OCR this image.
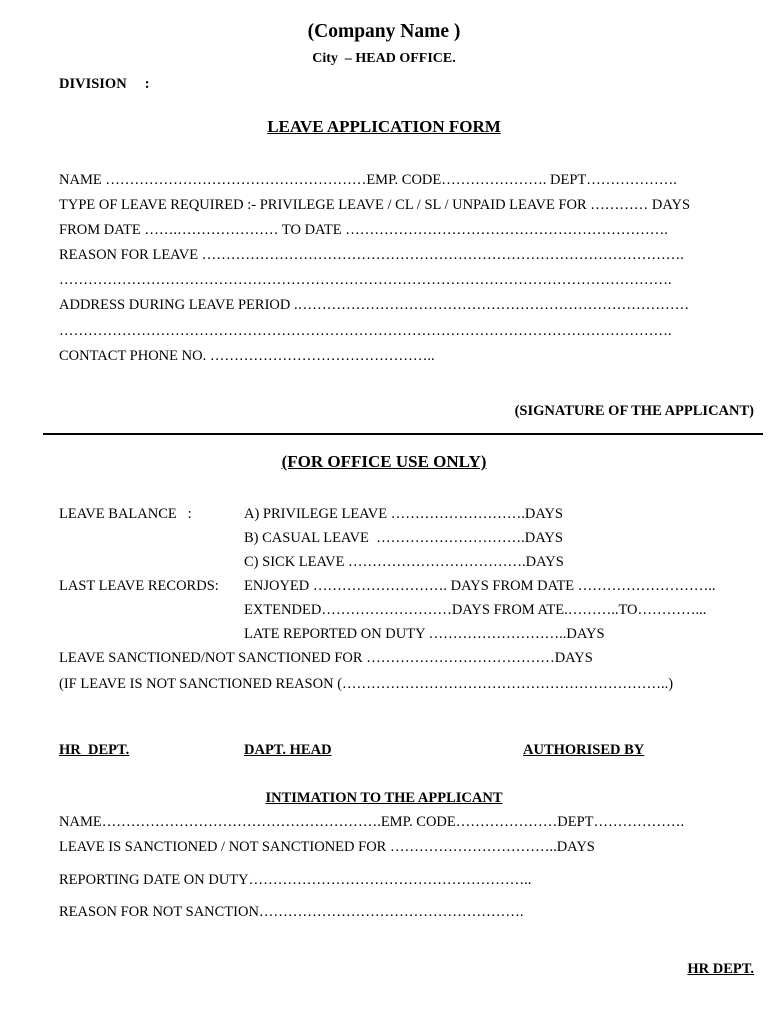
(Company Name )
City  – HEAD OFFICE.
DIVISION     :
LEAVE APPLICATION FORM
NAME ………………………………………………EMP. CODE…………………. DEPT……………….
TYPE OF LEAVE REQUIRED :- PRIVILEGE LEAVE / CL / SL / UNPAID LEAVE FOR ………… DAYS
FROM DATE …….………………… TO DATE ………………………………………………………….
REASON FOR LEAVE ……………………………………………………………………………………….
……………………………………………………………………………………………………………….
ADDRESS DURING LEAVE PERIOD .………………………………………………………………………
……………………………………………………………………………………………………………….
CONTACT PHONE NO. ………………………………………..
(SIGNATURE OF THE APPLICANT)
(FOR OFFICE USE ONLY)
LEAVE BALANCE   :	A) PRIVILEGE LEAVE ……………………….DAYS
B) CASUAL LEAVE  ………………………….DAYS
C) SICK LEAVE ……………………………….DAYS
LAST LEAVE RECORDS: ENJOYED ………………………. DAYS FROM DATE ………………………..
EXTENDED………………………DAYS FROM ATE.………..TO…………...
LATE REPORTED ON DUTY ………………………..DAYS
LEAVE SANCTIONED/NOT SANCTIONED FOR …………………………………DAYS
(IF LEAVE IS NOT SANCTIONED REASON (…………………………………………………………..)
HR  DEPT.	DAPT. HEAD	AUTHORISED BY
INTIMATION TO THE APPLICANT
NAME………………………………………………….EMP. CODE…………………DEPT……………….
LEAVE IS SANCTIONED / NOT SANCTIONED FOR ……………………………..DAYS
REPORTING DATE ON DUTY…………………………………………………..
REASON FOR NOT SANCTION……………………………………………….
HR DEPT.
